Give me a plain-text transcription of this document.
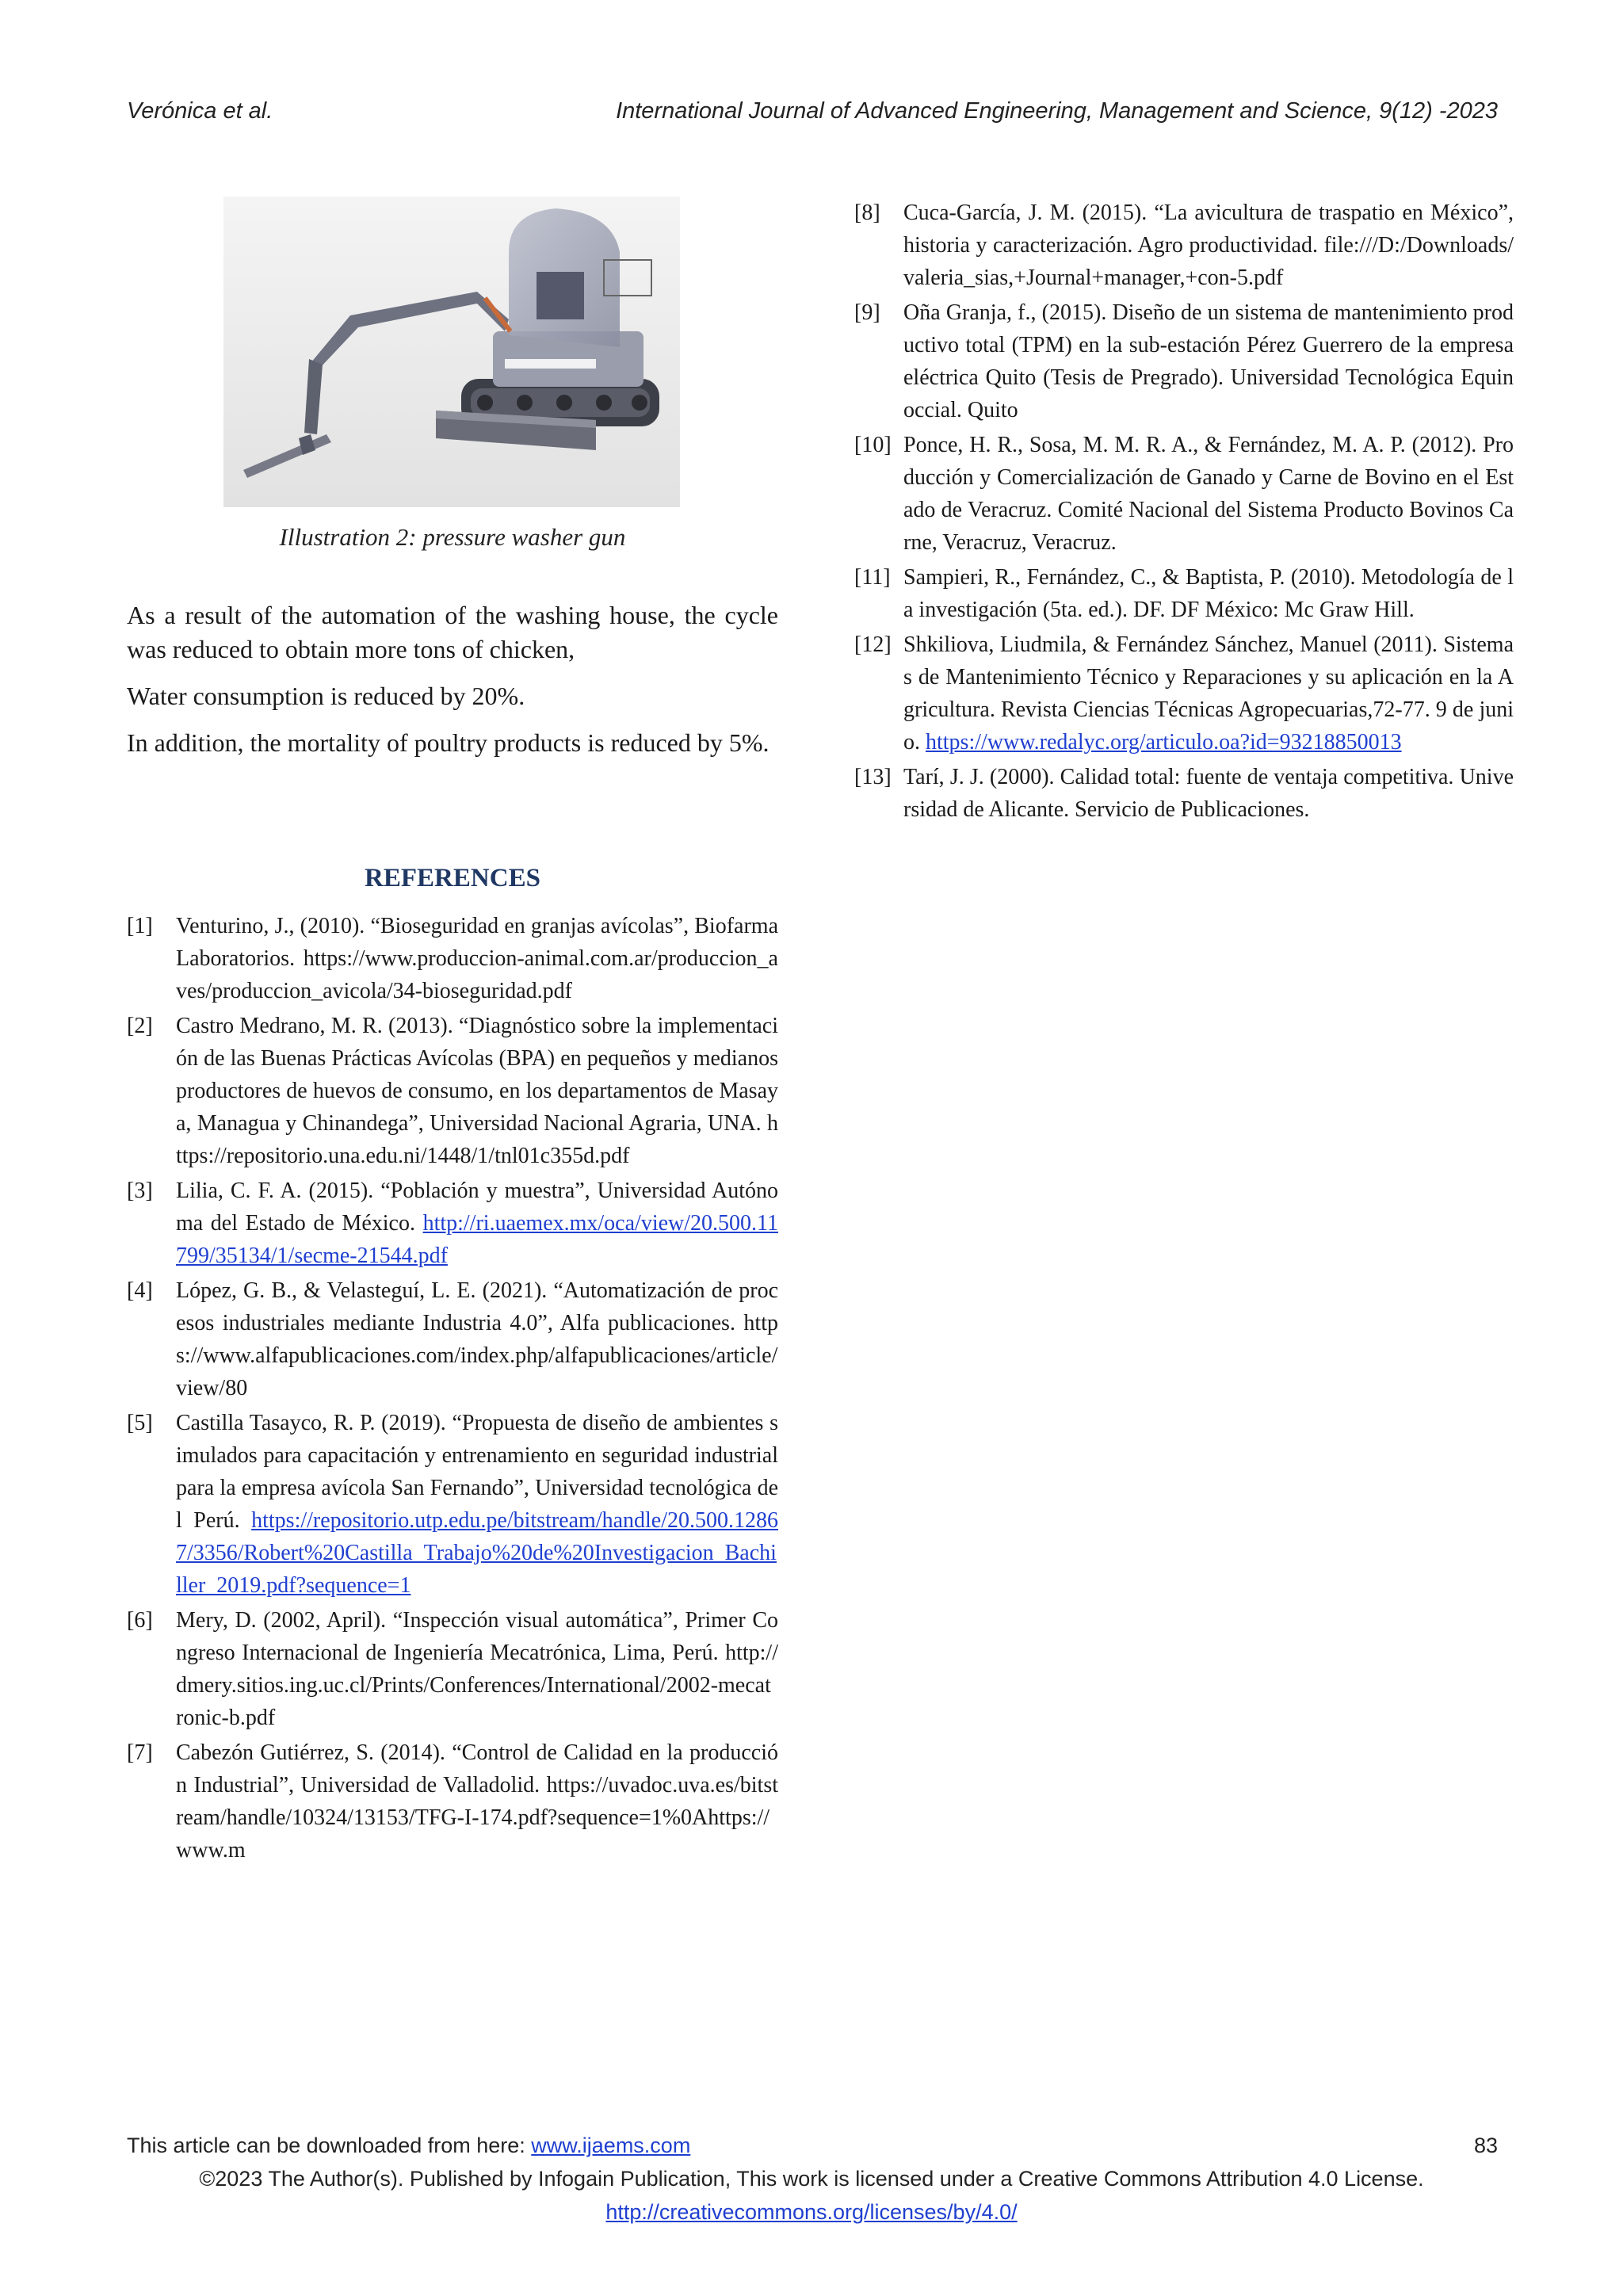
Verónica et al.	International Journal of Advanced Engineering, Management and Science, 9(12) -2023
Illustration 2: pressure washer gun

As a result of the automation of the washing house, the cycle was reduced to obtain more tons of chicken,

Water consumption is reduced by 20%.

In addition, the mortality of poultry products is reduced by 5%.

REFERENCES
[1] Venturino, J., (2010). “Bioseguridad en granjas avícolas”, Biofarma Laboratorios. https://www.produccion-animal.com.ar/produccion_aves/produccion_avicola/34-bioseguridad.pdf
[2] Castro Medrano, M. R. (2013). “Diagnóstico sobre la implementación de las Buenas Prácticas Avícolas (BPA) en pequeños y medianos productores de huevos de consumo, en los departamentos de Masaya, Managua y Chinandega”, Universidad Nacional Agraria, UNA. https://repositorio.una.edu.ni/1448/1/tnl01c355d.pdf
[3] Lilia, C. F. A. (2015). “Población y muestra”, Universidad Autónoma del Estado de México. http://ri.uaemex.mx/oca/view/20.500.11799/35134/1/secme-21544.pdf
[4] López, G. B., & Velasteguí, L. E. (2021). “Automatización de procesos industriales mediante Industria 4.0”, Alfa publicaciones. https://www.alfapublicaciones.com/index.php/alfapublicaciones/article/view/80
[5] Castilla Tasayco, R. P. (2019). “Propuesta de diseño de ambientes simulados para capacitación y entrenamiento en seguridad industrial para la empresa avícola San Fernando”, Universidad tecnológica del Perú. https://repositorio.utp.edu.pe/bitstream/handle/20.500.12867/3356/Robert%20Castilla_Trabajo%20de%20Investigacion_Bachiller_2019.pdf?sequence=1
[6] Mery, D. (2002, April). “Inspección visual automática”, Primer Congreso Internacional de Ingeniería Mecatrónica, Lima, Perú. http://dmery.sitios.ing.uc.cl/Prints/Conferences/International/2002-mecatronic-b.pdf
[7] Cabezón Gutiérrez, S. (2014). “Control de Calidad en la producción Industrial”, Universidad de Valladolid. https://uvadoc.uva.es/bitstream/handle/10324/13153/TFG-I-174.pdf?sequence=1%0Ahttps://www.m
[8] Cuca-García, J. M. (2015). “La avicultura de traspatio en México”, historia y caracterización. Agro productividad. file:///D:/Downloads/valeria_sias,+Journal+manager,+con-5.pdf
[9] Oña Granja, f., (2015). Diseño de un sistema de mantenimiento productivo total (TPM) en la sub-estación Pérez Guerrero de la empresa eléctrica Quito (Tesis de Pregrado). Universidad Tecnológica Equinoccial. Quito
[10] Ponce, H. R., Sosa, M. M. R. A., & Fernández, M. A. P. (2012). Producción y Comercialización de Ganado y Carne de Bovino en el Estado de Veracruz. Comité Nacional del Sistema Producto Bovinos Carne, Veracruz, Veracruz.
[11] Sampieri, R., Fernández, C., & Baptista, P. (2010). Metodología de la investigación (5ta. ed.). DF. DF México: Mc Graw Hill.
[12] Shkiliova, Liudmila, & Fernández Sánchez, Manuel (2011). Sistemas de Mantenimiento Técnico y Reparaciones y su aplicación en la Agricultura. Revista Ciencias Técnicas Agropecuarias,72-77. 9 de junio. https://www.redalyc.org/articulo.oa?id=93218850013
[13] Tarí, J. J. (2000). Calidad total: fuente de ventaja competitiva. Universidad de Alicante. Servicio de Publicaciones.
This article can be downloaded from here: www.ijaems.com	83
©2023 The Author(s). Published by Infogain Publication, This work is licensed under a Creative Commons Attribution 4.0 License.
http://creativecommons.org/licenses/by/4.0/
